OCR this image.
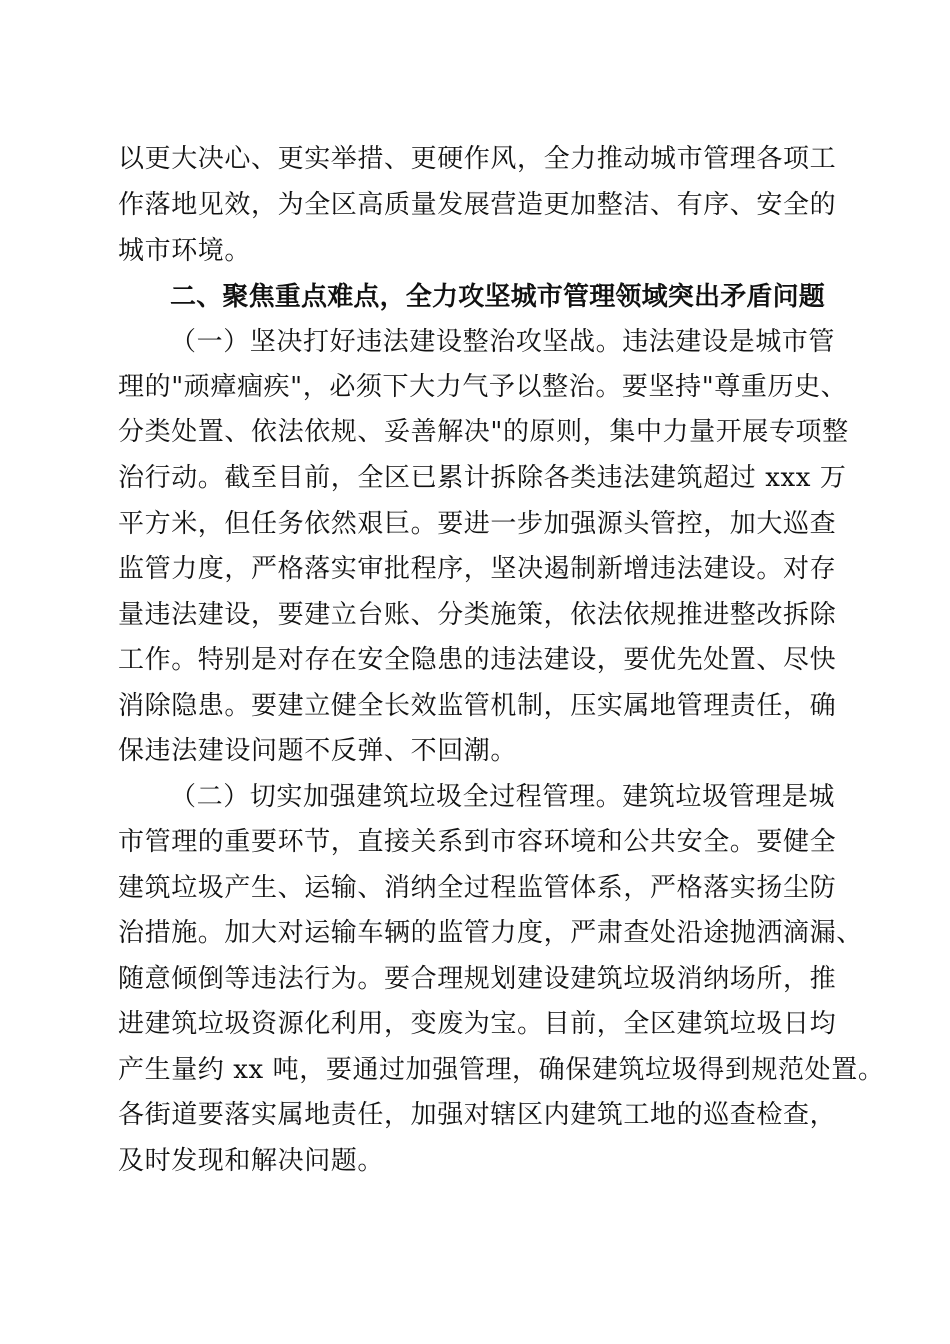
以更大决心、更实举措、更硬作风，全力推动城市管理各项工
作落地见效，为全区高质量发展营造更加整洁、有序、安全的
城市环境。
二、聚焦重点难点，全力攻坚城市管理领域突出矛盾问题
（一）坚决打好违法建设整治攻坚战。违法建设是城市管
理的"顽瘴痼疾"，必须下大力气予以整治。要坚持"尊重历史、
分类处置、依法依规、妥善解决"的原则，集中力量开展专项整
治行动。截至目前，全区已累计拆除各类违法建筑超过 xxx 万
平方米，但任务依然艰巨。要进一步加强源头管控，加大巡查
监管力度，严格落实审批程序，坚决遏制新增违法建设。对存
量违法建设，要建立台账、分类施策，依法依规推进整改拆除
工作。特别是对存在安全隐患的违法建设，要优先处置、尽快
消除隐患。要建立健全长效监管机制，压实属地管理责任，确
保违法建设问题不反弹、不回潮。
（二）切实加强建筑垃圾全过程管理。建筑垃圾管理是城
市管理的重要环节，直接关系到市容环境和公共安全。要健全
建筑垃圾产生、运输、消纳全过程监管体系，严格落实扬尘防
治措施。加大对运输车辆的监管力度，严肃查处沿途抛洒滴漏、
随意倾倒等违法行为。要合理规划建设建筑垃圾消纳场所，推
进建筑垃圾资源化利用，变废为宝。目前，全区建筑垃圾日均
产生量约 xx 吨，要通过加强管理，确保建筑垃圾得到规范处置。
各街道要落实属地责任，加强对辖区内建筑工地的巡查检查，
及时发现和解决问题。
